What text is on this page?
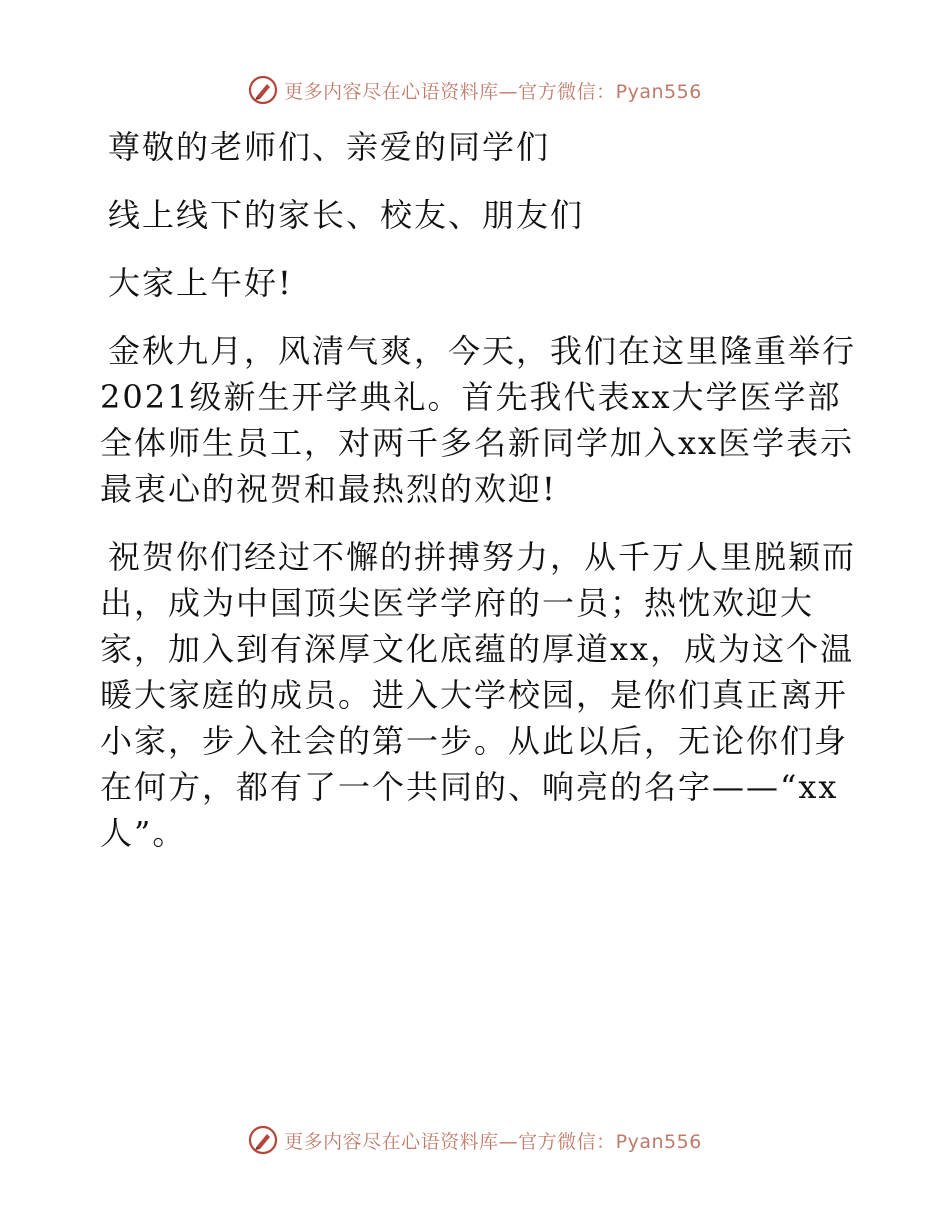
更多内容尽在心语资料库—官方微信：Pyan556

尊敬的老师们、亲爱的同学们

线上线下的家长、校友、朋友们

大家上午好!

金秋九月，风清气爽，今天，我们在这里隆重举行2021级新生开学典礼。首先我代表xx大学医学部全体师生员工，对两千多名新同学加入xx医学表示最衷心的祝贺和最热烈的欢迎!

祝贺你们经过不懈的拼搏努力，从千万人里脱颖而出，成为中国顶尖医学学府的一员；热忱欢迎大家，加入到有深厚文化底蕴的厚道xx，成为这个温暖大家庭的成员。进入大学校园，是你们真正离开小家，步入社会的第一步。从此以后，无论你们身在何方，都有了一个共同的、响亮的名字——“xx人”。

更多内容尽在心语资料库—官方微信：Pyan556
